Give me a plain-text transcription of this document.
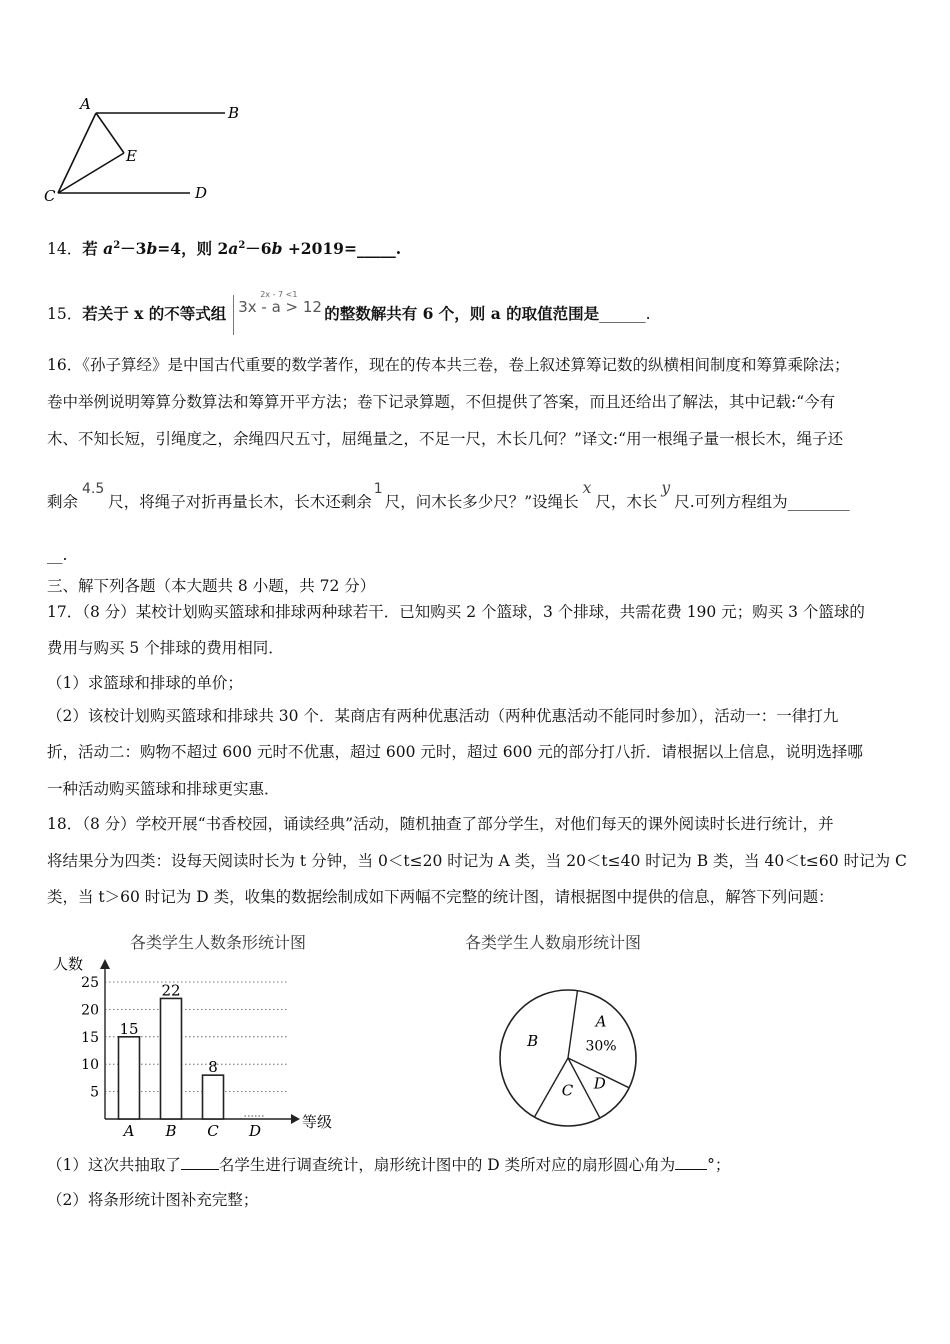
A	B
C	D
E
14．若 $a^2-3b=4$，则 $2a^2-6b$ +2019=_____.
15．若关于 x 的不等式组
2x - 7 <1
3x - a > 12 的整数解共有 6 个，则 a 的取值范围是______.
16．《孙子算经》是中国古代重要的数学著作，现在的传本共三卷，卷上叙述算筹记数的纵横相间制度和筹算乘除法；
卷中举例说明筹算分数算法和筹算开平方法；卷下记录算题，不但提供了答案，而且还给出了解法，其中记载:“今有
木、不知长短，引绳度之，余绳四尺五寸，屈绳量之，不足一尺，木长几何？”译文:“用一根绳子量一根长木，绳子还
剩余4.5尺，将绳子对折再量长木，长木还剩余1尺，问木长多少尺？”设绳长x尺，木长y尺.可列方程组为________
__.
三、解下列各题（本大题共 8 小题，共 72 分）
17．（8 分）某校计划购买篮球和排球两种球若干．已知购买 2 个篮球，3 个排球，共需花费 190 元；购买 3 个篮球的
费用与购买 5 个排球的费用相同．
（1）求篮球和排球的单价；
（2）该校计划购买篮球和排球共 30 个．某商店有两种优惠活动（两种优惠活动不能同时参加），活动一：一律打九
折，活动二：购物不超过 600 元时不优惠，超过 600 元时，超过 600 元的部分打八折．请根据以上信息，说明选择哪
一种活动购买篮球和排球更实惠．
18．（8 分）学校开展“书香校园，诵读经典”活动，随机抽查了部分学生，对他们每天的课外阅读时长进行统计，并
将结果分为四类：设每天阅读时长为 t 分钟，当 0＜t≤20 时记为 A 类，当 20＜t≤40 时记为 B 类，当 40＜t≤60 时记为 C
类，当 t＞60 时记为 D 类，收集的数据绘制成如下两幅不完整的统计图，请根据图中提供的信息，解答下列问题：
各类学生人数条形统计图
人数
等级
5
10
15
20
25
15
A
22
B
8
C D
各类学生人数扇形统计图
A
30%
D
C
B
（1）这次共抽取了 名学生进行调查统计，扇形统计图中的 D 类所对应的扇形圆心角为 °；
（2）将条形统计图补充完整；
